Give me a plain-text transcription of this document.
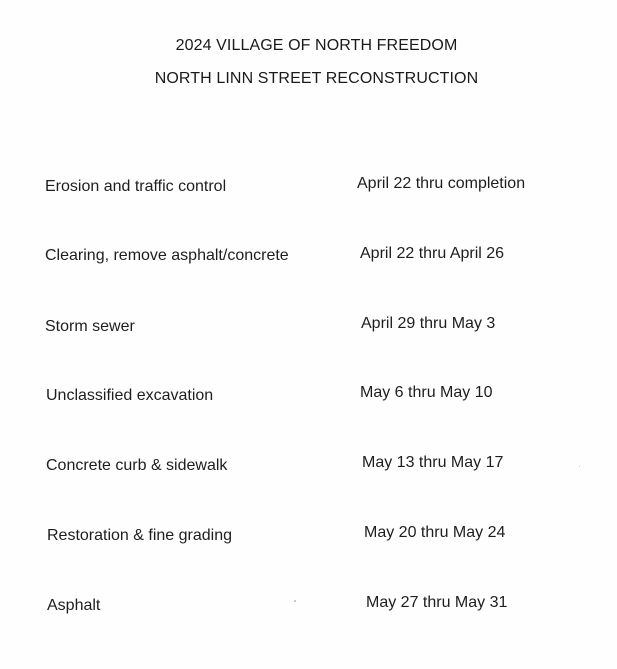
2024 VILLAGE OF NORTH FREEDOM
NORTH LINN STREET RECONSTRUCTION
Erosion and traffic control	April 22 thru completion
Clearing, remove asphalt/concrete	April 22 thru April 26
Storm sewer	April 29 thru May 3
Unclassified excavation	May 6 thru May 10
Concrete curb & sidewalk	May 13 thru May 17
Restoration & fine grading	May 20 thru May 24
Asphalt	May 27 thru May 31
